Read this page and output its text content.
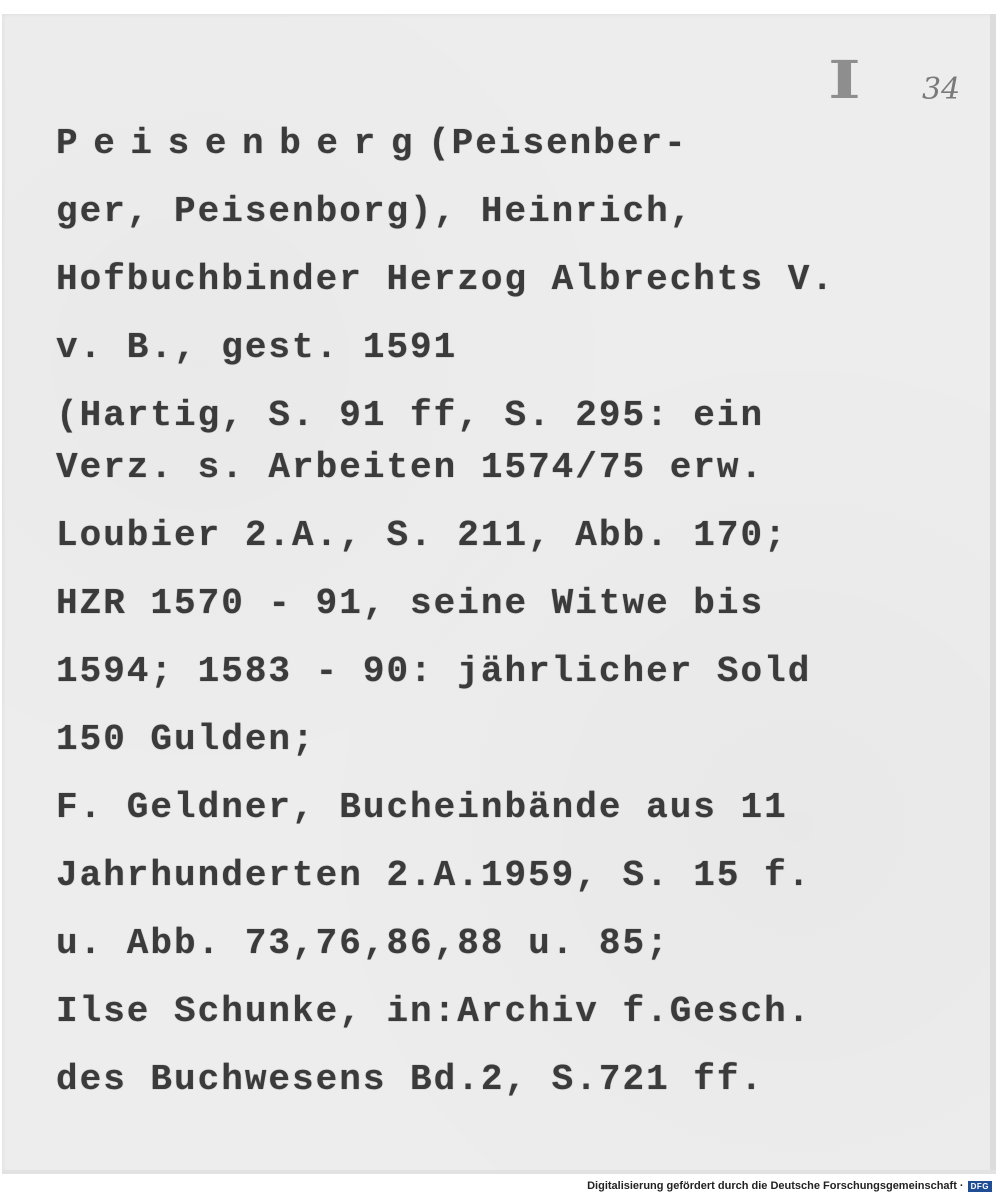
I 34
Peisenberg(Peisenber-
ger, Peisenborg), Heinrich,
Hofbuchbinder Herzog Albrechts V.
v. B., gest. 1591
(Hartig, S. 91 ff, S. 295: ein
Verz. s. Arbeiten 1574/75 erw.
Loubier 2.A., S. 211, Abb. 170;
HZR 1570 - 91, seine Witwe bis
1594; 1583 - 90: jährlicher Sold
150 Gulden;
F. Geldner, Bucheinbände aus 11
Jahrhunderten 2.A.1959, S. 15 f.
u. Abb. 73,76,86,88 u. 85;
Ilse Schunke, in:Archiv f.Gesch.
des Buchwesens Bd.2, S.721 ff.
Digitalisierung gefördert durch die Deutsche Forschungsgemeinschaft · DFG
